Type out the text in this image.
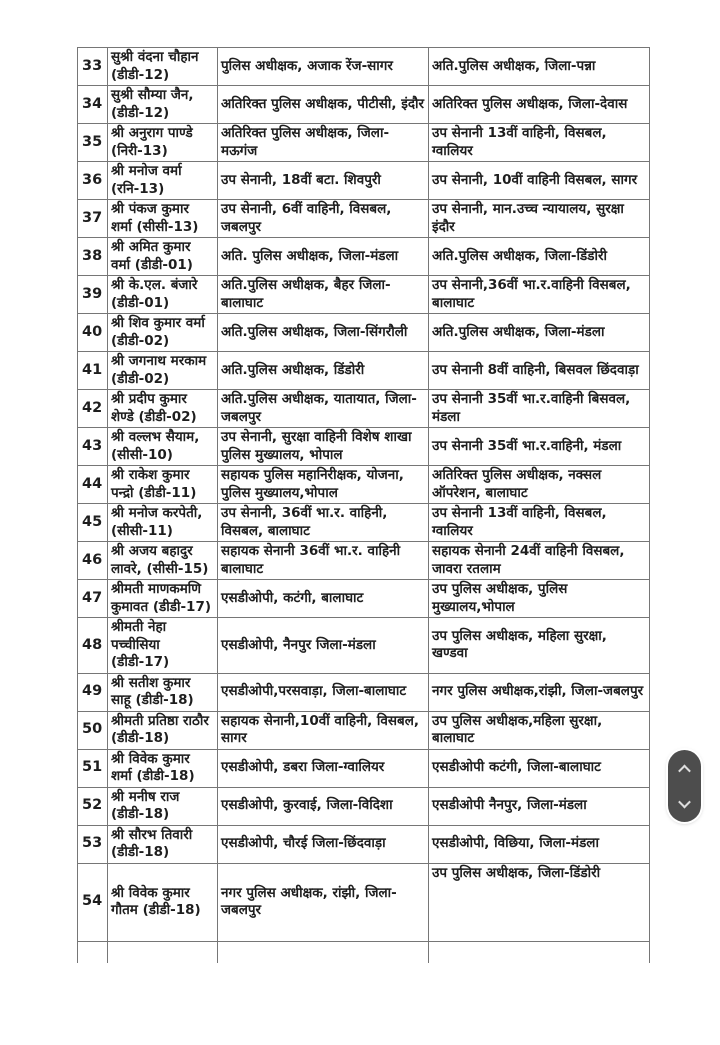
33	सुश्री वंदना चौहान (डीडी-12)	पुलिस अधीक्षक, अजाक रेंज-सागर	अति.पुलिस अधीक्षक, जिला-पन्ना
34	सुश्री सौम्या जैन, (डीडी-12)	अतिरिक्त पुलिस अधीक्षक, पीटीसी, इंदौर	अतिरिक्त पुलिस अधीक्षक, जिला-देवास
35	श्री अनुराग पाण्डे (निरी-13)	अतिरिक्त पुलिस अधीक्षक, जिला-मऊगंज	उप सेनानी 13वीं वाहिनी, विसबल, ग्वालियर
36	श्री मनोज वर्मा (रनि-13)	उप सेनानी, 18वीं बटा. शिवपुरी	उप सेनानी, 10वीं वाहिनी विसबल, सागर
37	श्री पंकज कुमार शर्मा (सीसी-13)	उप सेनानी, 6वीं वाहिनी, विसबल, जबलपुर	उप सेनानी, मान.उच्च न्यायालय, सुरक्षा इंदौर
38	श्री अमित कुमार वर्मा (डीडी-01)	अति. पुलिस अधीक्षक, जिला-मंडला	अति.पुलिस अधीक्षक, जिला-डिंडोरी
39	श्री के.एल. बंजारे (डीडी-01)	अति.पुलिस अधीक्षक, बैहर जिला-बालाघाट	उप सेनानी,36वीं भा.र.वाहिनी विसबल, बालाघाट
40	श्री शिव कुमार वर्मा (डीडी-02)	अति.पुलिस अधीक्षक, जिला-सिंगरौली	अति.पुलिस अधीक्षक, जिला-मंडला
41	श्री जगनाथ मरकाम (डीडी-02)	अति.पुलिस अधीक्षक, डिंडोरी	उप सेनानी 8वीं वाहिनी, बिसवल छिंदवाड़ा
42	श्री प्रदीप कुमार शेण्डे (डीडी-02)	अति.पुलिस अधीक्षक, यातायात, जिला-जबलपुर	उप सेनानी 35वीं भा.र.वाहिनी बिसवल, मंडला
43	श्री वल्लभ सैयाम, (सीसी-10)	उप सेनानी, सुरक्षा वाहिनी विशेष शाखा पुलिस मुख्यालय, भोपाल	उप सेनानी 35वीं भा.र.वाहिनी, मंडला
44	श्री राकेश कुमार पन्द्रो (डीडी-11)	सहायक पुलिस महानिरीक्षक, योजना, पुलिस मुख्यालय,भोपाल	अतिरिक्त पुलिस अधीक्षक, नक्सल ऑपरेशन, बालाघाट
45	श्री मनोज करपेती, (सीसी-11)	उप सेनानी, 36वीं भा.र. वाहिनी, विसबल, बालाघाट	उप सेनानी 13वीं वाहिनी, विसबल, ग्वालियर
46	श्री अजय बहादुर लावरे, (सीसी-15)	सहायक सेनानी 36वीं भा.र. वाहिनी बालाघाट	सहायक सेनानी 24वीं वाहिनी विसबल, जावरा रतलाम
47	श्रीमती माणकमणि कुमावत (डीडी-17)	एसडीओपी, कटंगी, बालाघाट	उप पुलिस अधीक्षक, पुलिस मुख्यालय,भोपाल
48	श्रीमती नेहा पच्चीसिया (डीडी-17)	एसडीओपी, नैनपुर जिला-मंडला	उप पुलिस अधीक्षक, महिला सुरक्षा, खण्डवा
49	श्री सतीश कुमार साहू (डीडी-18)	एसडीओपी,परसवाड़ा, जिला-बालाघाट	नगर पुलिस अधीक्षक,रांझी, जिला-जबलपुर
50	श्रीमती प्रतिष्ठा राठौर (डीडी-18)	सहायक सेनानी,10वीं वाहिनी, विसबल, सागर	उप पुलिस अधीक्षक,महिला सुरक्षा, बालाघाट
51	श्री विवेक कुमार शर्मा (डीडी-18)	एसडीओपी, डबरा जिला-ग्वालियर	एसडीओपी कटंगी, जिला-बालाघाट
52	श्री मनीष राज (डीडी-18)	एसडीओपी, कुरवाई, जिला-विदिशा	एसडीओपी नैनपुर, जिला-मंडला
53	श्री सौरभ तिवारी (डीडी-18)	एसडीओपी, चौरई जिला-छिंदवाड़ा	एसडीओपी, विछिया, जिला-मंडला
54	श्री विवेक कुमार गौतम (डीडी-18)	नगर पुलिस अधीक्षक, रांझी, जिला-जबलपुर	उप पुलिस अधीक्षक, जिला-डिंडोरी
